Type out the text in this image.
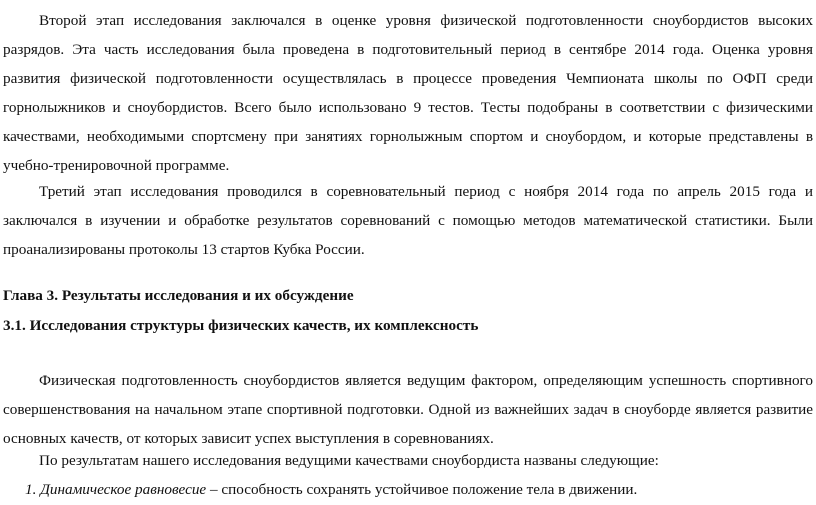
Второй этап исследования заключался в оценке уровня физической подготовленности сноубордистов высоких разрядов. Эта часть исследования была проведена в подготовительный период в сентябре 2014 года. Оценка уровня развития физической подготовленности осуществлялась в процессе проведения Чемпионата школы по ОФП среди горнолыжников и сноубордистов. Всего было использовано 9 тестов. Тесты подобраны в соответствии с физическими качествами, необходимыми спортсмену при занятиях горнолыжным спортом и сноубордом, и которые представлены в учебно-тренировочной программе.

Третий этап исследования проводился в соревновательный период с ноября 2014 года по апрель 2015 года и заключался в изучении и обработке результатов соревнований с помощью методов математической статистики. Были проанализированы протоколы 13 стартов Кубка России.

Глава 3. Результаты исследования и их обсуждение
3.1. Исследования структуры физических качеств, их комплексность

Физическая подготовленность сноубордистов является ведущим фактором, определяющим успешность спортивного совершенствования на начальном этапе спортивной подготовки. Одной из важнейших задач в сноуборде является развитие основных качеств, от которых зависит успех выступления в соревнованиях.

По результатам нашего исследования ведущими качествами сноубордиста названы следующие:
1. Динамическое равновесие – способность сохранять устойчивое положение тела в движении.
